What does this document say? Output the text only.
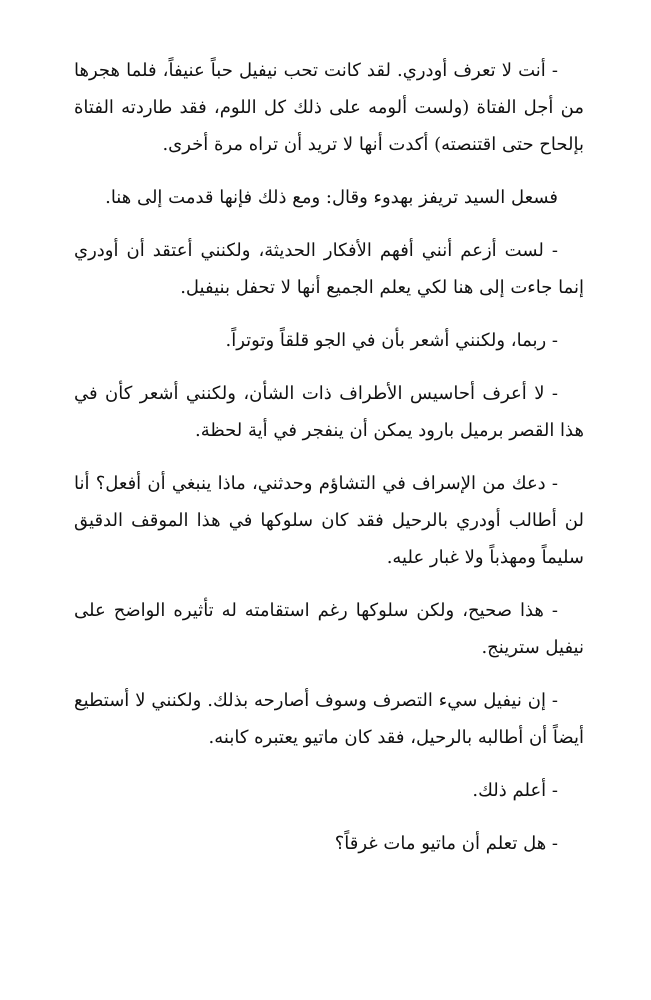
- أنت لا تعرف أودري. لقد كانت تحب نيفيل حباً عنيفاً، فلما هجرها من أجل الفتاة (ولست ألومه على ذلك كل اللوم، فقد طاردته الفتاة بإلحاح حتى اقتنصته) أكدت أنها لا تريد أن تراه مرة أخرى.

فسعل السيد تريفز بهدوء وقال: ومع ذلك فإنها قدمت إلى هنا.

- لست أزعم أنني أفهم الأفكار الحديثة، ولكنني أعتقد أن أودري إنما جاءت إلى هنا لكي يعلم الجميع أنها لا تحفل بنيفيل.

- ربما، ولكنني أشعر بأن في الجو قلقاً وتوتراً.

- لا أعرف أحاسيس الأطراف ذات الشأن، ولكنني أشعر كأن في هذا القصر برميل بارود يمكن أن ينفجر في أية لحظة.

- دعك من الإسراف في التشاؤم وحدثني، ماذا ينبغي أن أفعل؟ أنا لن أطالب أودري بالرحيل فقد كان سلوكها في هذا الموقف الدقيق سليماً ومهذباً ولا غبار عليه.

- هذا صحيح، ولكن سلوكها رغم استقامته له تأثيره الواضح على نيفيل سترينج.

- إن نيفيل سيء التصرف وسوف أصارحه بذلك. ولكنني لا أستطيع أيضاً أن أطالبه بالرحيل، فقد كان ماتيو يعتبره كابنه.

- أعلم ذلك.

- هل تعلم أن ماتيو مات غرقاً؟
